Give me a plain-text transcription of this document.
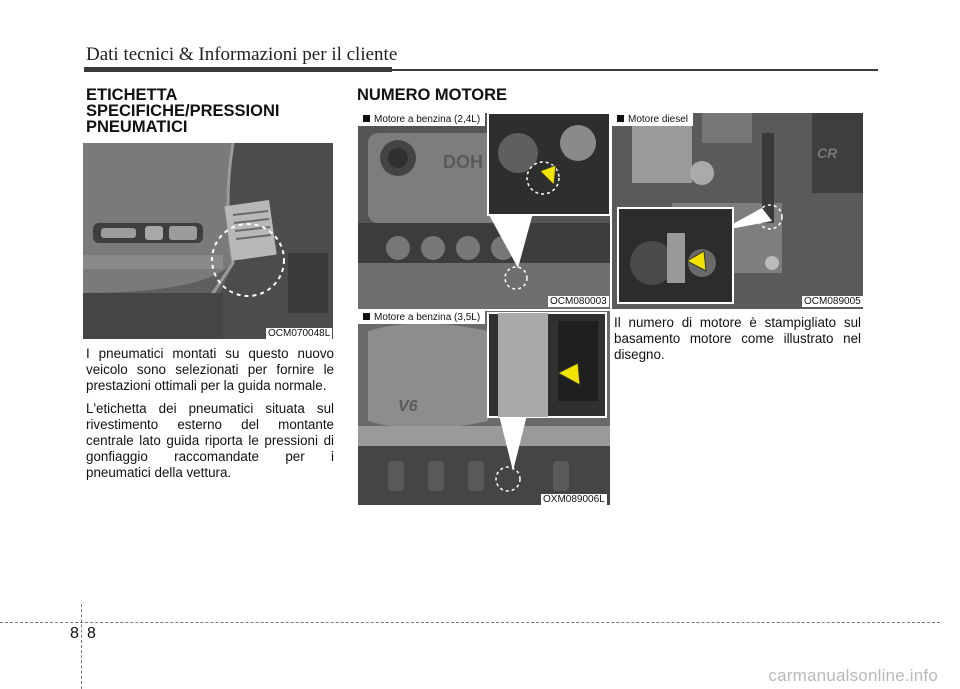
Dati tecnici & Informazioni per il cliente
ETICHETTA
SPECIFICHE/PRESSIONI
PNEUMATICI
OCM070048L

I pneumatici montati su questo nuovo veicolo sono selezionati per fornire le prestazioni ottimali per la guida normale.

L'etichetta dei pneumatici situata sul rivestimento esterno del montante centrale lato guida riporta le pressioni di gonfiaggio raccomandate per i pneumatici della vettura.

NUMERO MOTORE
DOH
Motore a benzina (2,4L)
OCM080003
CR
Motore diesel
OCM089005
V6
Motore a benzina (3,5L)
OXM089006L

Il numero di motore è stampigliato sul basamento motore come illustrato nel disegno.

8 8
carmanualsonline.info
